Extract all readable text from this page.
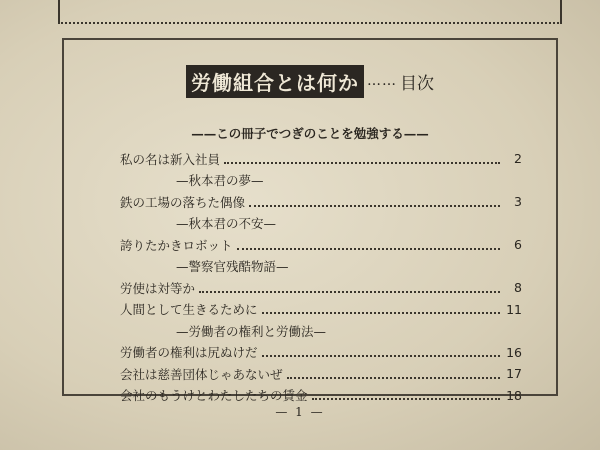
労働組合とは何か …… 目次
——この冊子でつぎのことを勉強する——
私の名は新入社員	2
—秋本君の夢—
鉄の工場の落ちた偶像	3
—秋本君の不安—
誇りたかきロボット	6
—警察官残酷物語—
労使は対等か	8
人間として生きるために	11
—労働者の権利と労働法—
労働者の権利は尻ぬけだ	16
会社は慈善団体じゃあないぜ	17
会社のもうけとわたしたちの賃金	18
— 1 —
